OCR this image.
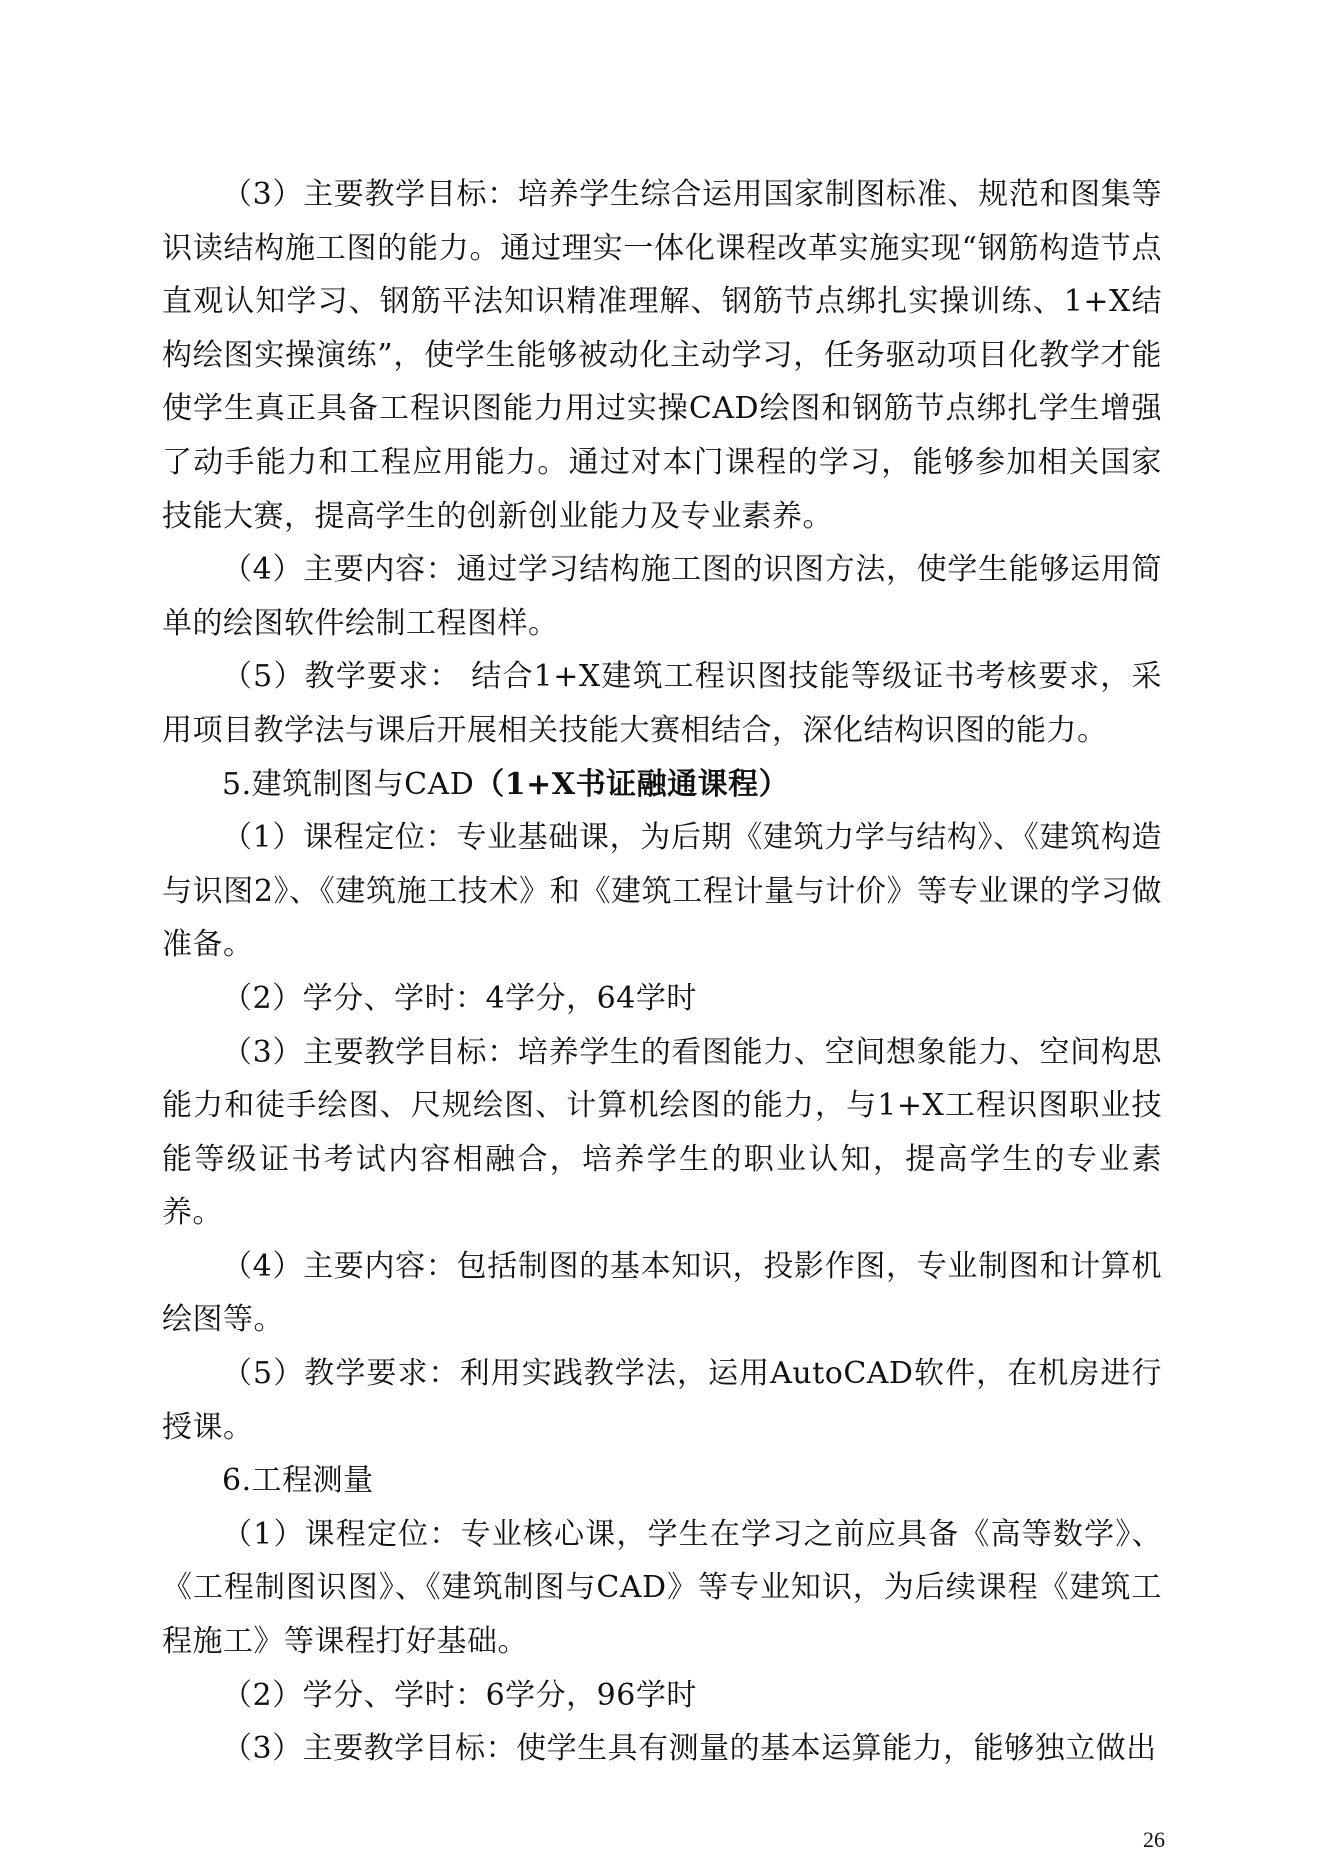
（3）主要教学目标：培养学生综合运用国家制图标准、规范和图集等识读结构施工图的能力。通过理实一体化课程改革实施实现“钢筋构造节点直观认知学习、钢筋平法知识精准理解、钢筋节点绑扎实操训练、1+X结构绘图实操演练”，使学生能够被动化主动学习，任务驱动项目化教学才能使学生真正具备工程识图能力用过实操CAD绘图和钢筋节点绑扎学生增强了动手能力和工程应用能力。通过对本门课程的学习，能够参加相关国家技能大赛，提高学生的创新创业能力及专业素养。

（4）主要内容：通过学习结构施工图的识图方法，使学生能够运用简单的绘图软件绘制工程图样。

（5）教学要求： 结合1+X建筑工程识图技能等级证书考核要求，采用项目教学法与课后开展相关技能大赛相结合，深化结构识图的能力。

5.建筑制图与CAD（1+X书证融通课程）

（1）课程定位：专业基础课，为后期《建筑力学与结构》、《建筑构造与识图2》、《建筑施工技术》和《建筑工程计量与计价》等专业课的学习做准备。

（2）学分、学时：4学分，64学时

（3）主要教学目标：培养学生的看图能力、空间想象能力、空间构思能力和徒手绘图、尺规绘图、计算机绘图的能力，与1+X工程识图职业技能等级证书考试内容相融合，培养学生的职业认知，提高学生的专业素养。

（4）主要内容：包括制图的基本知识，投影作图，专业制图和计算机绘图等。

（5）教学要求：利用实践教学法，运用AutoCAD软件，在机房进行授课。

6.工程测量

（1）课程定位：专业核心课，学生在学习之前应具备《高等数学》、《工程制图识图》、《建筑制图与CAD》等专业知识，为后续课程《建筑工程施工》等课程打好基础。

（2）学分、学时：6学分，96学时

（3）主要教学目标：使学生具有测量的基本运算能力，能够独立做出

26
